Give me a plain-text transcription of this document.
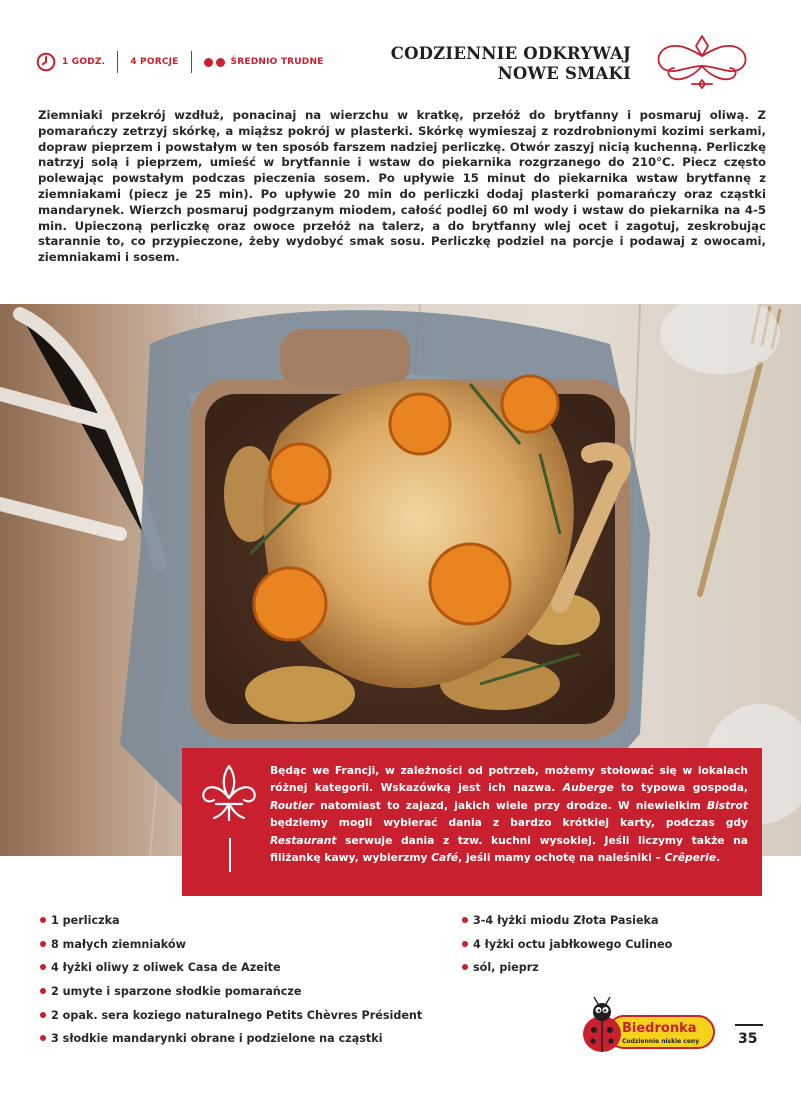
1 GODZ.	4 PORCJE	ŚREDNIO TRUDNE	CODZIENNIE ODKRYWAJ
NOWE SMAKI

Ziemniaki przekrój wzdłuż, ponacinaj na wierzchu w kratkę, przełóż do brytfanny i posmaruj oliwą. Z pomarańczy zetrzyj skórkę, a miąższ pokrój w plasterki. Skórkę wymieszaj z rozdrobnionymi kozimi serkami, dopraw pieprzem i powstałym w ten sposób farszem nadziej perliczkę. Otwór zaszyj nicią kuchenną. Perliczkę natrzyj solą i pieprzem, umieść w brytfannie i wstaw do piekarnika rozgrzanego do 210°C. Piecz często polewając powstałym podczas pieczenia sosem. Po upływie 15 minut do piekarnika wstaw brytfannę z ziemniakami (piecz je 25 min). Po upływie 20 min do perliczki dodaj plasterki pomarańczy oraz cząstki mandarynek. Wierzch posmaruj podgrzanym miodem, całość podlej 60 ml wody i wstaw do piekarnika na 4-5 min. Upieczoną perliczkę oraz owoce przełóż na talerz, a do brytfanny wlej ocet i zagotuj, zeskrobując starannie to, co przypieczone, żeby wydobyć smak sosu. Perliczkę podziel na porcje i podawaj z owocami, ziemniakami i sosem.

Będąc we Francji, w zależności od potrzeb, możemy stołować się w lokalach różnej kategorii. Wskazówką jest ich nazwa. Auberge to typowa gospoda, Routier natomiast to zajazd, jakich wiele przy drodze. W niewielkim Bistrot będziemy mogli wybierać dania z bardzo krótkiej karty, podczas gdy Restaurant serwuje dania z tzw. kuchni wysokiej. Jeśli liczymy także na filiżankę kawy, wybierzmy Café, jeśli mamy ochotę na naleśniki – Crêperie.

1 perliczka
8 małych ziemniaków
4 łyżki oliwy z oliwek Casa de Azeite
2 umyte i sparzone słodkie pomarańcze
2 opak. sera koziego naturalnego Petits Chèvres Président
3 słodkie mandarynki obrane i podzielone na cząstki
3-4 łyżki miodu Złota Pasieka
4 łyżki octu jabłkowego Culineo
sól, pieprz
Biedronka
Codziennie niskie ceny	35
